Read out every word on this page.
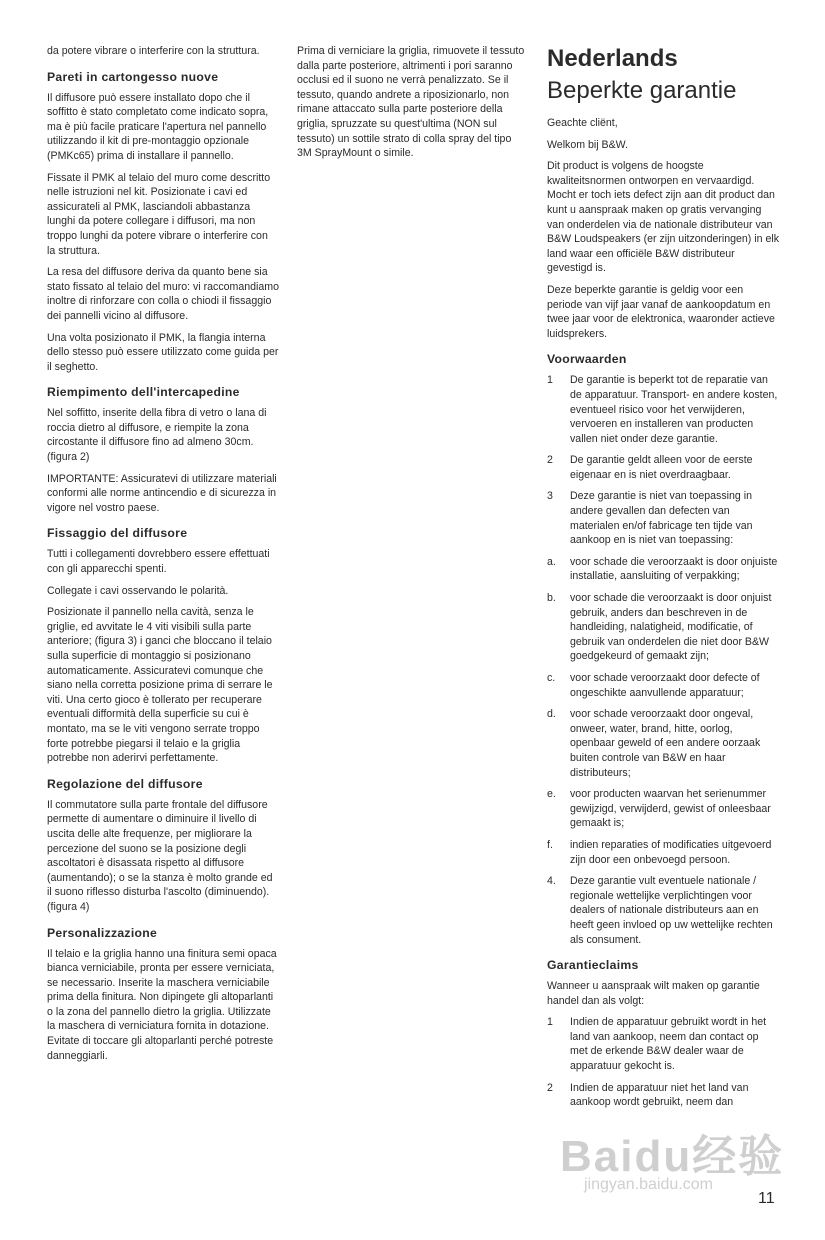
da potere vibrare o interferire con la struttura.

Pareti in cartongesso nuove

Il diffusore può essere installato dopo che il soffitto è stato completato come indicato sopra, ma è più facile praticare l'apertura nel pannello utilizzando il kit di pre-montaggio opzionale (PMKc65) prima di installare il pannello.

Fissate il PMK al telaio del muro come descritto nelle istruzioni nel kit. Posizionate i cavi ed assicurateli al PMK, lasciandoli abbastanza lunghi da potere collegare i diffusori, ma non troppo lunghi da potere vibrare o interferire con la struttura.

La resa del diffusore deriva da quanto bene sia stato fissato al telaio del muro: vi raccomandiamo inoltre di rinforzare con colla o chiodi il fissaggio dei pannelli vicino al diffusore.

Una volta posizionato il PMK, la flangia interna dello stesso può essere utilizzato come guida per il seghetto.

Riempimento dell'intercapedine

Nel soffitto, inserite della fibra di vetro o lana di roccia dietro al diffusore, e riempite la zona circostante il diffusore fino ad almeno 30cm. (figura 2)

IMPORTANTE: Assicuratevi di utilizzare materiali conformi alle norme antincendio e di sicurezza in vigore nel vostro paese.

Fissaggio del diffusore

Tutti i collegamenti dovrebbero essere effettuati con gli apparecchi spenti.

Collegate i cavi osservando le polarità.

Posizionate il pannello nella cavità, senza le griglie, ed avvitate le 4 viti visibili sulla parte anteriore; (figura 3) i ganci che bloccano il telaio sulla superficie di montaggio si posizionano automaticamente. Assicuratevi comunque che siano nella corretta posizione prima di serrare le viti. Una certo gioco è tollerato per recuperare eventuali difformità della superficie su cui è montato, ma se le viti vengono serrate troppo forte potrebbe piegarsi il telaio e la griglia potrebbe non aderirvi perfettamente.

Regolazione del diffusore

Il commutatore sulla parte frontale del diffusore permette di aumentare o diminuire il livello di uscita delle alte frequenze, per migliorare la percezione del suono se la posizione degli ascoltatori è disassata rispetto al diffusore (aumentando); o se la stanza è molto grande ed il suono riflesso disturba l'ascolto (diminuendo). (figura 4)

Personalizzazione

Il telaio e la griglia hanno una finitura semi opaca bianca verniciabile, pronta per essere verniciata, se necessario. Inserite la maschera verniciabile prima della finitura. Non dipingete gli altoparlanti o la zona del pannello dietro la griglia. Utilizzate la maschera di verniciatura fornita in dotazione. Evitate di toccare gli altoparlanti perché potreste danneggiarli.

Prima di verniciare la griglia, rimuovete il tessuto dalla parte posteriore, altrimenti i pori saranno occlusi ed il suono ne verrà penalizzato. Se il tessuto, quando andrete a riposizionarlo, non rimane attaccato sulla parte posteriore della griglia, spruzzate su quest'ultima (NON sul tessuto) un sottile strato di colla spray del tipo 3M SprayMount o simile.

Nederlands
Beperkte garantie

Geachte cliënt,

Welkom bij B&W.

Dit product is volgens de hoogste kwaliteitsnormen ontworpen en vervaardigd. Mocht er toch iets defect zijn aan dit product dan kunt u aanspraak maken op gratis vervanging van onderdelen via de nationale distributeur van B&W Loudspeakers (er zijn uitzonderingen) in elk land waar een officiële B&W distributeur gevestigd is.

Deze beperkte garantie is geldig voor een periode van vijf jaar vanaf de aankoopdatum en twee jaar voor de elektronica, waaronder actieve luidsprekers.

Voorwaarden
1 De garantie is beperkt tot de reparatie van de apparatuur. Transport- en andere kosten, eventueel risico voor het verwijderen, vervoeren en installeren van producten vallen niet onder deze garantie.
2 De garantie geldt alleen voor de eerste eigenaar en is niet overdraagbaar.
3 Deze garantie is niet van toepassing in andere gevallen dan defecten van materialen en/of fabricage ten tijde van aankoop en is niet van toepassing:
a. voor schade die veroorzaakt is door onjuiste installatie, aansluiting of verpakking;
b. voor schade die veroorzaakt is door onjuist gebruik, anders dan beschreven in de handleiding, nalatigheid, modificatie, of gebruik van onderdelen die niet door B&W goedgekeurd of gemaakt zijn;
c. voor schade veroorzaakt door defecte of ongeschikte aanvullende apparatuur;
d. voor schade veroorzaakt door ongeval, onweer, water, brand, hitte, oorlog, openbaar geweld of een andere oorzaak buiten controle van B&W en haar distributeurs;
e. voor producten waarvan het serienummer gewijzigd, verwijderd, gewist of onleesbaar gemaakt is;
f. indien reparaties of modificaties uitgevoerd zijn door een onbevoegd persoon.
4. Deze garantie vult eventuele nationale / regionale wettelijke verplichtingen voor dealers of nationale distributeurs aan en heeft geen invloed op uw wettelijke rechten als consument.
Garantieclaims

Wanneer u aanspraak wilt maken op garantie handel dan als volgt:

1 Indien de apparatuur gebruikt wordt in het land van aankoop, neem dan contact op met de erkende B&W dealer waar de apparatuur gekocht is.
2 Indien de apparatuur niet het land van aankoop wordt gebruikt, neem dan
Baidu经验
jingyan.baidu.com
11
